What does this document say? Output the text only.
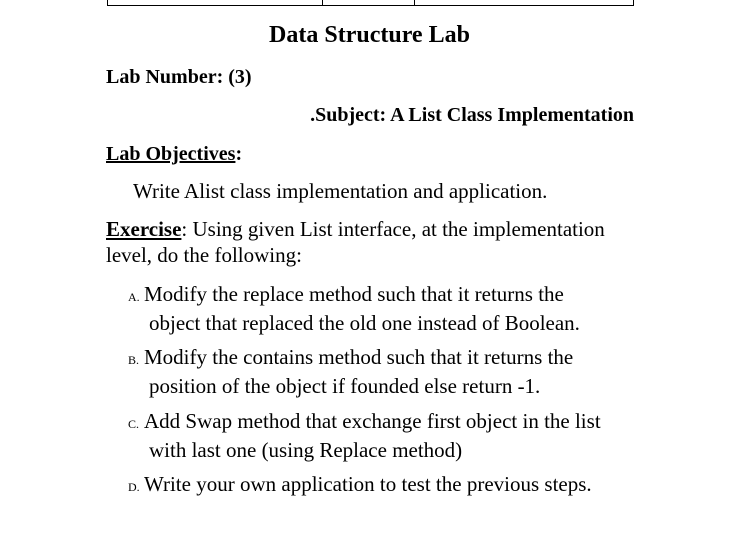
Data Structure Lab
Lab Number: (3)
.Subject: A List Class Implementation
Lab Objectives:
Write Alist class implementation and application.
Exercise: Using given List interface, at the implementation level, do the following:
A. Modify the replace method such that it returns the
object that replaced the old one instead of Boolean.
B. Modify the contains method such that it returns the
position of the object if founded else return -1.
C. Add Swap method that exchange first object in the list
with last one (using Replace method)
D. Write your own application to test the previous steps.
